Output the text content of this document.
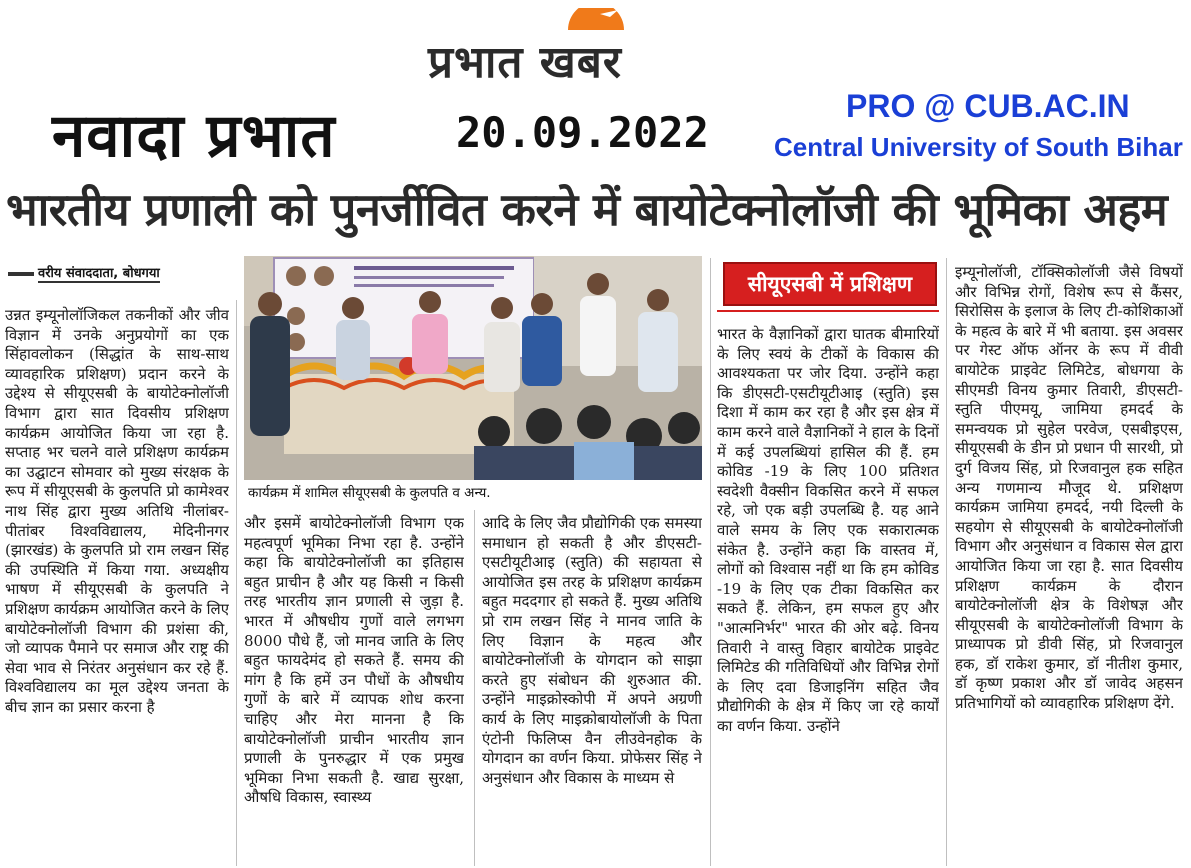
प्रभात खबर
नवादा प्रभात	20.09.2022
PRO @ CUB.AC.IN
Central University of South Bihar
भारतीय प्रणाली को पुनर्जीवित करने में बायोटेक्नोलॉजी की भूमिका अहम
वरीय संवाददाता, बोधगया
कार्यक्रम में शामिल सीयूएसबी के कुलपति व अन्य.
सीयूएसबी में प्रशिक्षण

उन्नत इम्यूनोलॉजिकल तकनीकों और जीव विज्ञान में उनके अनुप्रयोगों का एक सिंहावलोकन (सिद्धांत के साथ-साथ व्यावहारिक प्रशिक्षण) प्रदान करने के उद्देश्य से सीयूएसबी के बायोटेक्नोलॉजी विभाग द्वारा सात दिवसीय प्रशिक्षण कार्यक्रम आयोजित किया जा रहा है. सप्ताह भर चलने वाले प्रशिक्षण कार्यक्रम का उद्घाटन सोमवार को मुख्य संरक्षक के रूप में सीयूएसबी के कुलपति प्रो कामेश्वर नाथ सिंह द्वारा मुख्य अतिथि नीलांबर-पीतांबर विश्वविद्यालय, मेदिनीनगर (झारखंड) के कुलपति प्रो राम लखन सिंह की उपस्थिति में किया गया. अध्यक्षीय भाषण में सीयूएसबी के कुलपति ने प्रशिक्षण कार्यक्रम आयोजित करने के लिए बायोटेक्नोलॉजी विभाग की प्रशंसा की, जो व्यापक पैमाने पर समाज और राष्ट्र की सेवा भाव से निरंतर अनुसंधान कर रहे हैं. विश्वविद्यालय का मूल उद्देश्य जनता के बीच ज्ञान का प्रसार करना है

और इसमें बायोटेक्नोलॉजी विभाग एक महत्वपूर्ण भूमिका निभा रहा है. उन्होंने कहा कि बायोटेक्नोलॉजी का इतिहास बहुत प्राचीन है और यह किसी न किसी तरह भारतीय ज्ञान प्रणाली से जुड़ा है. भारत में औषधीय गुणों वाले लगभग 8000 पौधे हैं, जो मानव जाति के लिए बहुत फायदेमंद हो सकते हैं. समय की मांग है कि हमें उन पौधों के औषधीय गुणों के बारे में व्यापक शोध करना चाहिए और मेरा मानना है कि बायोटेक्नोलॉजी प्राचीन भारतीय ज्ञान प्रणाली के पुनरुद्धार में एक प्रमुख भूमिका निभा सकती है. खाद्य सुरक्षा, औषधि विकास, स्वास्थ्य

आदि के लिए जैव प्रौद्योगिकी एक समस्या समाधान हो सकती है और डीएसटी- एसटीयूटीआइ (स्तुति) की सहायता से आयोजित इस तरह के प्रशिक्षण कार्यक्रम बहुत मददगार हो सकते हैं. मुख्य अतिथि प्रो राम लखन सिंह ने मानव जाति के लिए विज्ञान के महत्व और बायोटेक्नोलॉजी के योगदान को साझा करते हुए संबोधन की शुरुआत की. उन्होंने माइक्रोस्कोपी में अपने अग्रणी कार्य के लिए माइक्रोबायोलॉजी के पिता एंटोनी फिलिप्स वैन लीउवेनहोक के योगदान का वर्णन किया. प्रोफेसर सिंह ने अनुसंधान और विकास के माध्यम से

भारत के वैज्ञानिकों द्वारा घातक बीमारियों के लिए स्वयं के टीकों के विकास की आवश्यकता पर जोर दिया. उन्होंने कहा कि डीएसटी-एसटीयूटीआइ (स्तुति) इस दिशा में काम कर रहा है और इस क्षेत्र में काम करने वाले वैज्ञानिकों ने हाल के दिनों में कई उपलब्धियां हासिल की हैं. हम कोविड -19 के लिए 100 प्रतिशत स्वदेशी वैक्सीन विकसित करने में सफल रहे, जो एक बड़ी उपलब्धि है. यह आने वाले समय के लिए एक सकारात्मक संकेत है. उन्होंने कहा कि वास्तव में, लोगों को विश्वास नहीं था कि हम कोविड -19 के लिए एक टीका विकसित कर सकते हैं. लेकिन, हम सफल हुए और "आत्मनिर्भर" भारत की ओर बढ़े. विनय तिवारी ने वास्तु विहार बायोटेक प्राइवेट लिमिटेड की गतिविधियों और विभिन्न रोगों के लिए दवा डिजाइनिंग सहित जैव प्रौद्योगिकी के क्षेत्र में किए जा रहे कार्यों का वर्णन किया. उन्होंने

इम्यूनोलॉजी, टॉक्सिकोलॉजी जैसे विषयों और विभिन्न रोगों, विशेष रूप से कैंसर, सिरोसिस के इलाज के लिए टी-कोशिकाओं के महत्व के बारे में भी बताया. इस अवसर पर गेस्ट ऑफ ऑनर के रूप में वीवी बायोटेक प्राइवेट लिमिटेड, बोधगया के सीएमडी विनय कुमार तिवारी, डीएसटी-स्तुति पीएमयू, जामिया हमदर्द के समन्वयक प्रो सुहेल परवेज, एसबीइएस, सीयूएसबी के डीन प्रो प्रधान पी सारथी, प्रो दुर्ग विजय सिंह, प्रो रिजवानुल हक सहित अन्य गणमान्य मौजूद थे. प्रशिक्षण कार्यक्रम जामिया हमदर्द, नयी दिल्ली के सहयोग से सीयूएसबी के बायोटेक्नोलॉजी विभाग और अनुसंधान व विकास सेल द्वारा आयोजित किया जा रहा है. सात दिवसीय प्रशिक्षण कार्यक्रम के दौरान बायोटेक्नोलॉजी क्षेत्र के विशेषज्ञ और सीयूएसबी के बायोटेक्नोलॉजी विभाग के प्राध्यापक प्रो डीवी सिंह, प्रो रिजवानुल हक, डॉ राकेश कुमार, डॉ नीतीश कुमार, डॉ कृष्ण प्रकाश और डॉ जावेद अहसन प्रतिभागियों को व्यावहारिक प्रशिक्षण देंगे.
